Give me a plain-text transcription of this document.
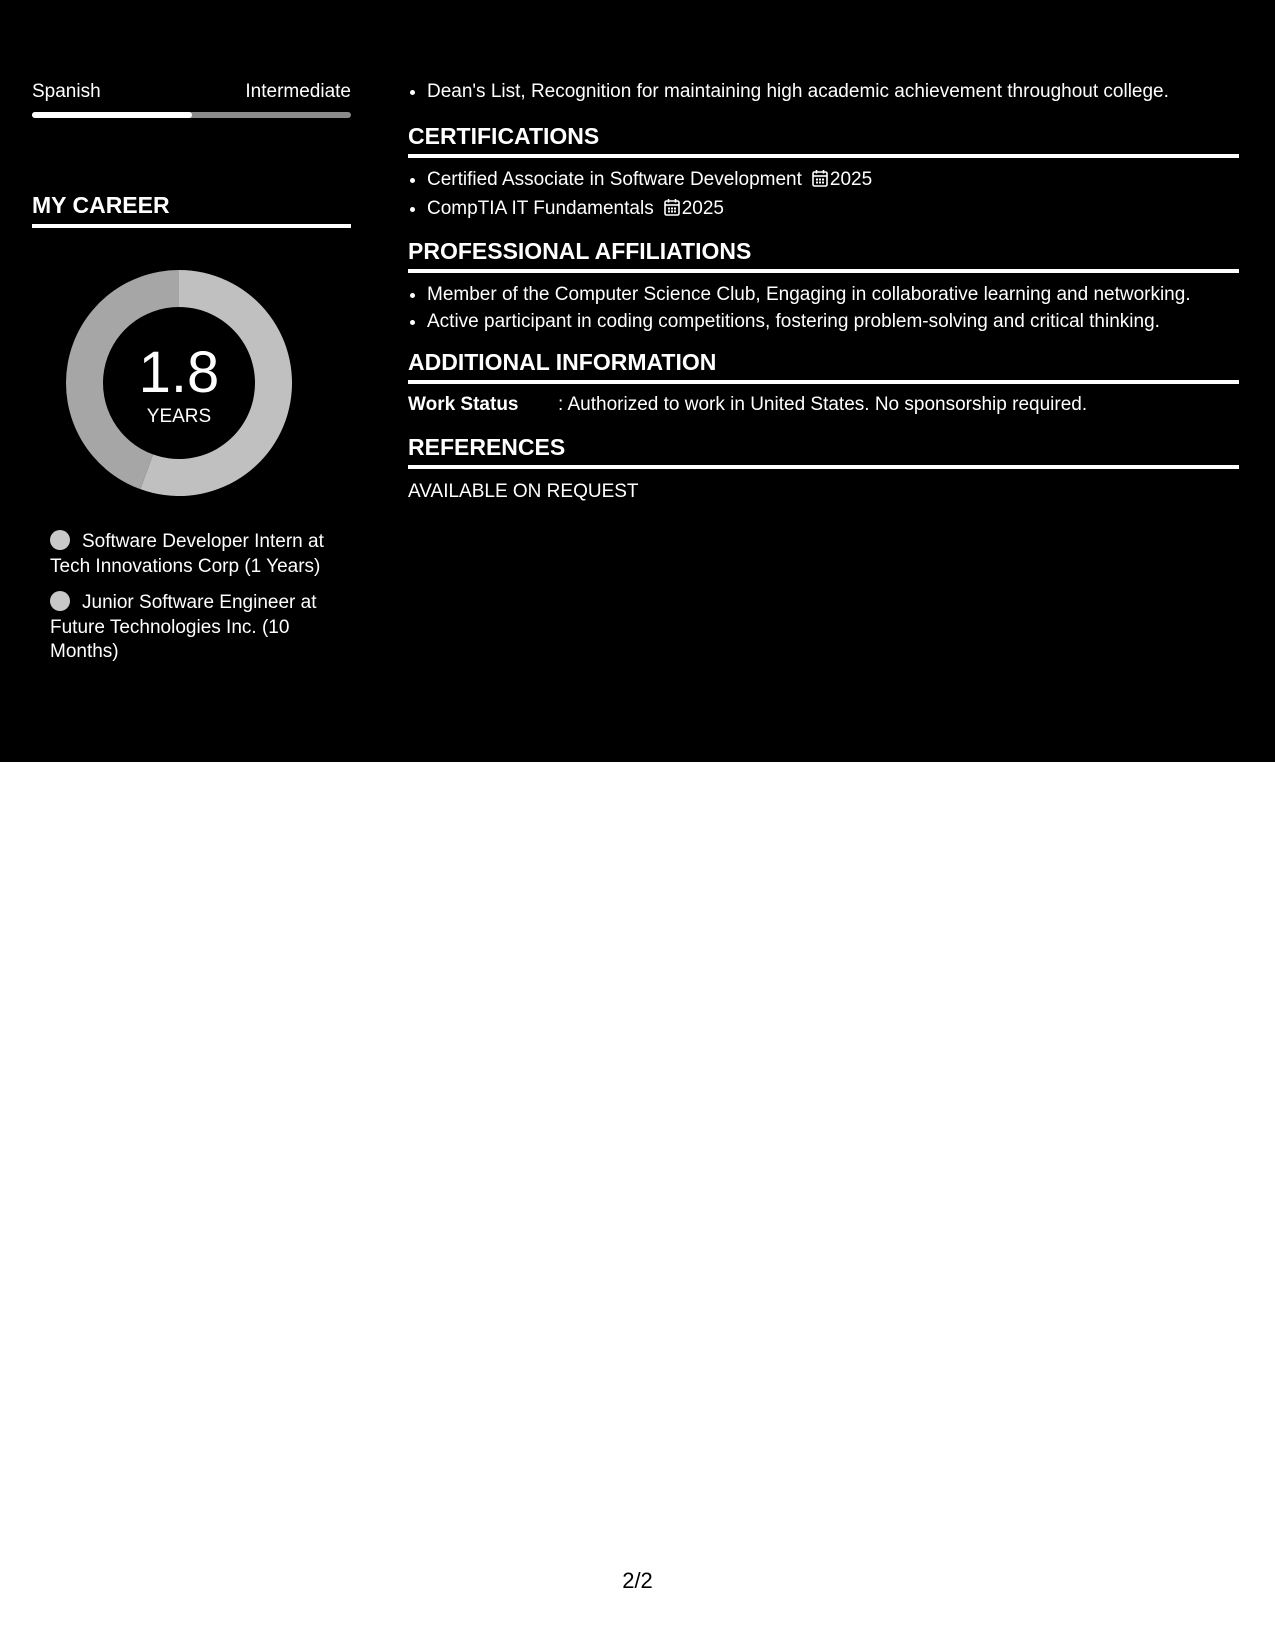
Spanish	Intermediate
MY CAREER
1.8
YEARS
Software Developer Intern at Tech Innovations Corp (1 Years)
Junior Software Engineer at Future Technologies Inc. (10 Months)
• Dean's List, Recognition for maintaining high academic achievement throughout college.
CERTIFICATIONS
• Certified Associate in Software Development 2025
• CompTIA IT Fundamentals 2025
PROFESSIONAL AFFILIATIONS
• Member of the Computer Science Club, Engaging in collaborative learning and networking.
• Active participant in coding competitions, fostering problem-solving and critical thinking.
ADDITIONAL INFORMATION
Work Status	: Authorized to work in United States. No sponsorship required.
REFERENCES
AVAILABLE ON REQUEST
2/2
